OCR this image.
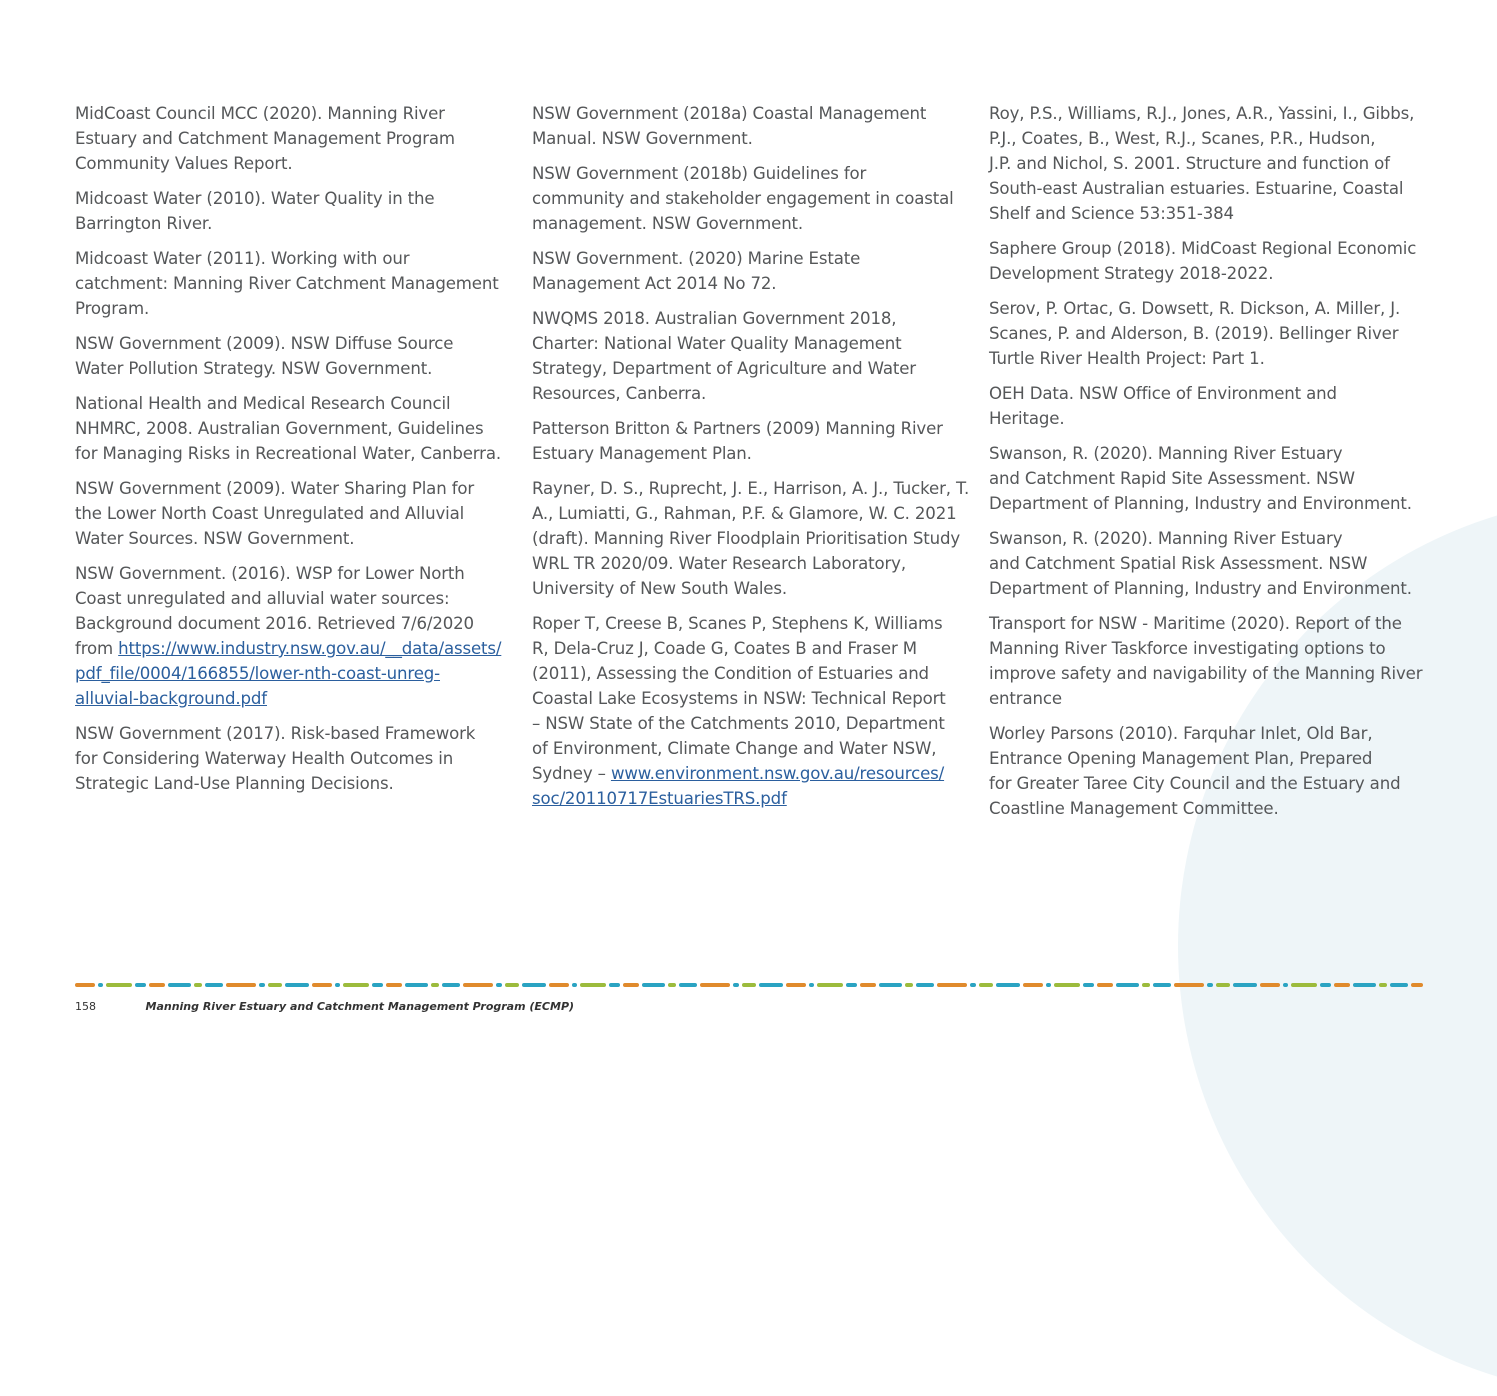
MidCoast Council MCC (2020). Manning River
Estuary and Catchment Management Program
Community Values Report.
Midcoast Water (2010). Water Quality in the
Barrington River.
Midcoast Water (2011). Working with our
catchment: Manning River Catchment Management
Program.
NSW Government (2009). NSW Diffuse Source
Water Pollution Strategy. NSW Government.
National Health and Medical Research Council
NHMRC, 2008. Australian Government, Guidelines
for Managing Risks in Recreational Water, Canberra.
NSW Government (2009). Water Sharing Plan for
the Lower North Coast Unregulated and Alluvial
Water Sources. NSW Government.
NSW Government. (2016). WSP for Lower North
Coast unregulated and alluvial water sources:
Background document 2016. Retrieved 7/6/2020
from https://www.industry.nsw.gov.au/__data/assets/
pdf_file/0004/166855/lower-nth-coast-unreg-
alluvial-background.pdf
NSW Government (2017). Risk-based Framework
for Considering Waterway Health Outcomes in
Strategic Land-Use Planning Decisions.
NSW Government (2018a) Coastal Management
Manual. NSW Government.
NSW Government (2018b) Guidelines for
community and stakeholder engagement in coastal
management. NSW Government.
NSW Government. (2020) Marine Estate
Management Act 2014 No 72.
NWQMS 2018. Australian Government 2018,
Charter: National Water Quality Management
Strategy, Department of Agriculture and Water
Resources, Canberra.
Patterson Britton & Partners (2009) Manning River
Estuary Management Plan.
Rayner, D. S., Ruprecht, J. E., Harrison, A. J., Tucker, T.
A., Lumiatti, G., Rahman, P.F. & Glamore, W. C. 2021
(draft). Manning River Floodplain Prioritisation Study
WRL TR 2020/09. Water Research Laboratory,
University of New South Wales.
Roper T, Creese B, Scanes P, Stephens K, Williams
R, Dela-Cruz J, Coade G, Coates B and Fraser M
(2011), Assessing the Condition of Estuaries and
Coastal Lake Ecosystems in NSW: Technical Report
– NSW State of the Catchments 2010, Department
of Environment, Climate Change and Water NSW,
Sydney – www.environment.nsw.gov.au/resources/
soc/20110717EstuariesTRS.pdf
Roy, P.S., Williams, R.J., Jones, A.R., Yassini, I., Gibbs,
P.J., Coates, B., West, R.J., Scanes, P.R., Hudson,
J.P. and Nichol, S. 2001. Structure and function of
South-east Australian estuaries. Estuarine, Coastal
Shelf and Science 53:351-384
Saphere Group (2018). MidCoast Regional Economic
Development Strategy 2018-2022.
Serov, P. Ortac, G. Dowsett, R. Dickson, A. Miller, J.
Scanes, P. and Alderson, B. (2019). Bellinger River
Turtle River Health Project: Part 1.
OEH Data. NSW Office of Environment and
Heritage.
Swanson, R. (2020). Manning River Estuary
and Catchment Rapid Site Assessment. NSW
Department of Planning, Industry and Environment.
Swanson, R. (2020). Manning River Estuary
and Catchment Spatial Risk Assessment. NSW
Department of Planning, Industry and Environment.
Transport for NSW - Maritime (2020). Report of the
Manning River Taskforce investigating options to
improve safety and navigability of the Manning River
entrance
Worley Parsons (2010). Farquhar Inlet, Old Bar,
Entrance Opening Management Plan, Prepared
for Greater Taree City Council and the Estuary and
Coastline Management Committee.
158	Manning River Estuary and Catchment Management Program (ECMP)
